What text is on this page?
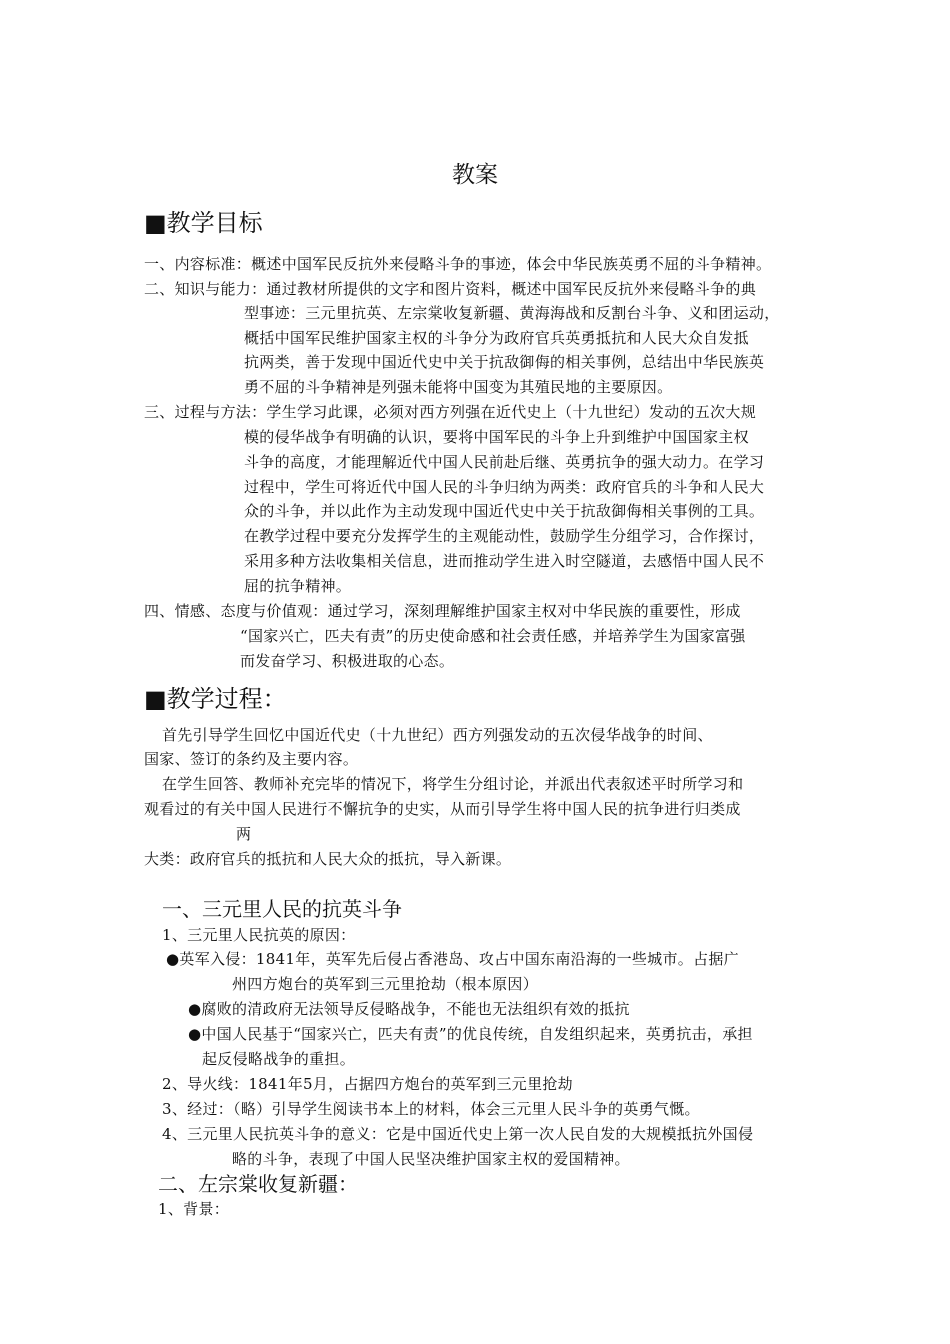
教案
■教学目标
一、内容标准：概述中国军民反抗外来侵略斗争的事迹，体会中华民族英勇不屈的斗争精神。
二、知识与能力：通过教材所提供的文字和图片资料，概述中国军民反抗外来侵略斗争的典
型事迹：三元里抗英、左宗棠收复新疆、黄海海战和反割台斗争、义和团运动，
概括中国军民维护国家主权的斗争分为政府官兵英勇抵抗和人民大众自发抵
抗两类，善于发现中国近代史中关于抗敌御侮的相关事例，总结出中华民族英
勇不屈的斗争精神是列强未能将中国变为其殖民地的主要原因。
三、过程与方法：学生学习此课，必须对西方列强在近代史上（十九世纪）发动的五次大规
模的侵华战争有明确的认识，要将中国军民的斗争上升到维护中国国家主权
斗争的高度，才能理解近代中国人民前赴后继、英勇抗争的强大动力。在学习
过程中，学生可将近代中国人民的斗争归纳为两类：政府官兵的斗争和人民大
众的斗争，并以此作为主动发现中国近代史中关于抗敌御侮相关事例的工具。
在教学过程中要充分发挥学生的主观能动性，鼓励学生分组学习，合作探讨，
采用多种方法收集相关信息，进而推动学生进入时空隧道，去感悟中国人民不
屈的抗争精神。
四、情感、态度与价值观：通过学习，深刻理解维护国家主权对中华民族的重要性，形成
“国家兴亡，匹夫有责”的历史使命感和社会责任感，并培养学生为国家富强
而发奋学习、积极进取的心态。
■教学过程：
首先引导学生回忆中国近代史（十九世纪）西方列强发动的五次侵华战争的时间、
国家、签订的条约及主要内容。
在学生回答、教师补充完毕的情况下，将学生分组讨论，并派出代表叙述平时所学习和
观看过的有关中国人民进行不懈抗争的史实，从而引导学生将中国人民的抗争进行归类成
两
大类：政府官兵的抵抗和人民大众的抵抗，导入新课。
一、三元里人民的抗英斗争
1、三元里人民抗英的原因：
●英军入侵：1841年，英军先后侵占香港岛、攻占中国东南沿海的一些城市。占据广
州四方炮台的英军到三元里抢劫（根本原因）
●腐败的清政府无法领导反侵略战争，不能也无法组织有效的抵抗
●中国人民基于“国家兴亡，匹夫有责”的优良传统，自发组织起来，英勇抗击，承担
起反侵略战争的重担。
2、导火线：1841年5月，占据四方炮台的英军到三元里抢劫
3、经过：（略）引导学生阅读书本上的材料，体会三元里人民斗争的英勇气慨。
4、三元里人民抗英斗争的意义：它是中国近代史上第一次人民自发的大规模抵抗外国侵
略的斗争，表现了中国人民坚决维护国家主权的爱国精神。
二、左宗棠收复新疆：
1、背景：
